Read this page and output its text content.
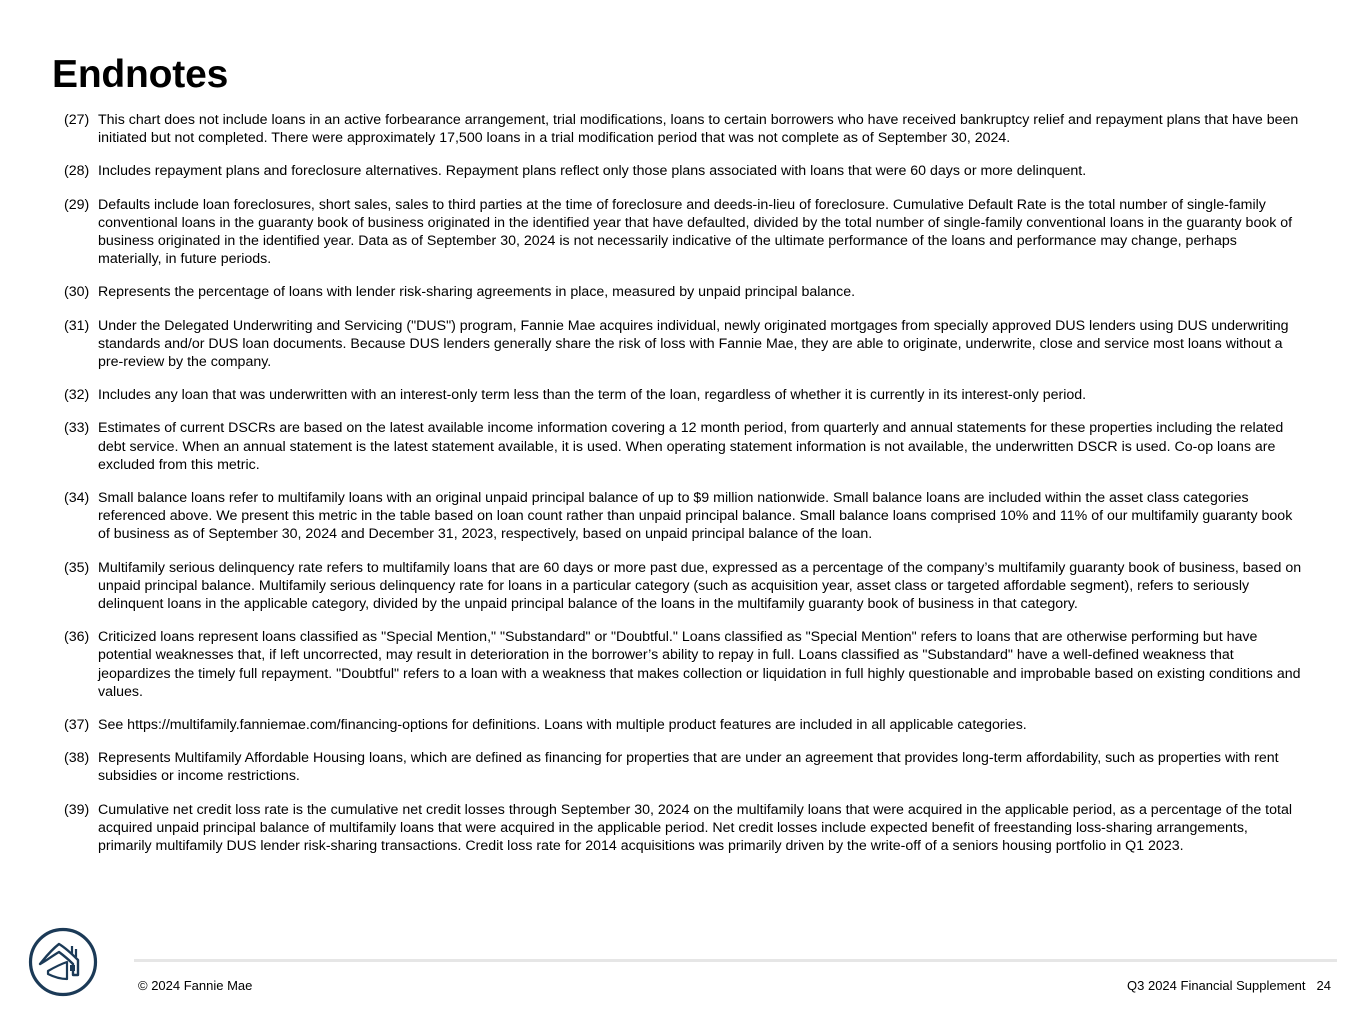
Endnotes
(27) This chart does not include loans in an active forbearance arrangement, trial modifications, loans to certain borrowers who have received bankruptcy relief and repayment plans that have been initiated but not completed. There were approximately 17,500 loans in a trial modification period that was not complete as of September 30, 2024.
(28) Includes repayment plans and foreclosure alternatives. Repayment plans reflect only those plans associated with loans that were 60 days or more delinquent.
(29) Defaults include loan foreclosures, short sales, sales to third parties at the time of foreclosure and deeds-in-lieu of foreclosure. Cumulative Default Rate is the total number of single-family conventional loans in the guaranty book of business originated in the identified year that have defaulted, divided by the total number of single-family conventional loans in the guaranty book of business originated in the identified year. Data as of September 30, 2024 is not necessarily indicative of the ultimate performance of the loans and performance may change, perhaps materially, in future periods.
(30) Represents the percentage of loans with lender risk-sharing agreements in place, measured by unpaid principal balance.
(31) Under the Delegated Underwriting and Servicing ("DUS") program, Fannie Mae acquires individual, newly originated mortgages from specially approved DUS lenders using DUS underwriting standards and/or DUS loan documents. Because DUS lenders generally share the risk of loss with Fannie Mae, they are able to originate, underwrite, close and service most loans without a pre-review by the company.
(32) Includes any loan that was underwritten with an interest-only term less than the term of the loan, regardless of whether it is currently in its interest-only period.
(33) Estimates of current DSCRs are based on the latest available income information covering a 12 month period, from quarterly and annual statements for these properties including the related debt service. When an annual statement is the latest statement available, it is used. When operating statement information is not available, the underwritten DSCR is used. Co-op loans are excluded from this metric.
(34) Small balance loans refer to multifamily loans with an original unpaid principal balance of up to $9 million nationwide. Small balance loans are included within the asset class categories referenced above. We present this metric in the table based on loan count rather than unpaid principal balance. Small balance loans comprised 10% and 11% of our multifamily guaranty book of business as of September 30, 2024 and December 31, 2023, respectively, based on unpaid principal balance of the loan.
(35) Multifamily serious delinquency rate refers to multifamily loans that are 60 days or more past due, expressed as a percentage of the company’s multifamily guaranty book of business, based on unpaid principal balance. Multifamily serious delinquency rate for loans in a particular category (such as acquisition year, asset class or targeted affordable segment), refers to seriously delinquent loans in the applicable category, divided by the unpaid principal balance of the loans in the multifamily guaranty book of business in that category.
(36) Criticized loans represent loans classified as "Special Mention," "Substandard" or "Doubtful." Loans classified as "Special Mention" refers to loans that are otherwise performing but have potential weaknesses that, if left uncorrected, may result in deterioration in the borrower’s ability to repay in full. Loans classified as "Substandard" have a well-defined weakness that jeopardizes the timely full repayment. "Doubtful" refers to a loan with a weakness that makes collection or liquidation in full highly questionable and improbable based on existing conditions and values.
(37) See https://multifamily.fanniemae.com/financing-options for definitions. Loans with multiple product features are included in all applicable categories.
(38) Represents Multifamily Affordable Housing loans, which are defined as financing for properties that are under an agreement that provides long-term affordability, such as properties with rent subsidies or income restrictions.
(39) Cumulative net credit loss rate is the cumulative net credit losses through September 30, 2024 on the multifamily loans that were acquired in the applicable period, as a percentage of the total acquired unpaid principal balance of multifamily loans that were acquired in the applicable period. Net credit losses include expected benefit of freestanding loss-sharing arrangements, primarily multifamily DUS lender risk-sharing transactions. Credit loss rate for 2014 acquisitions was primarily driven by the write-off of a seniors housing portfolio in Q1 2023.
© 2024 Fannie Mae	Q3 2024 Financial Supplement 24
